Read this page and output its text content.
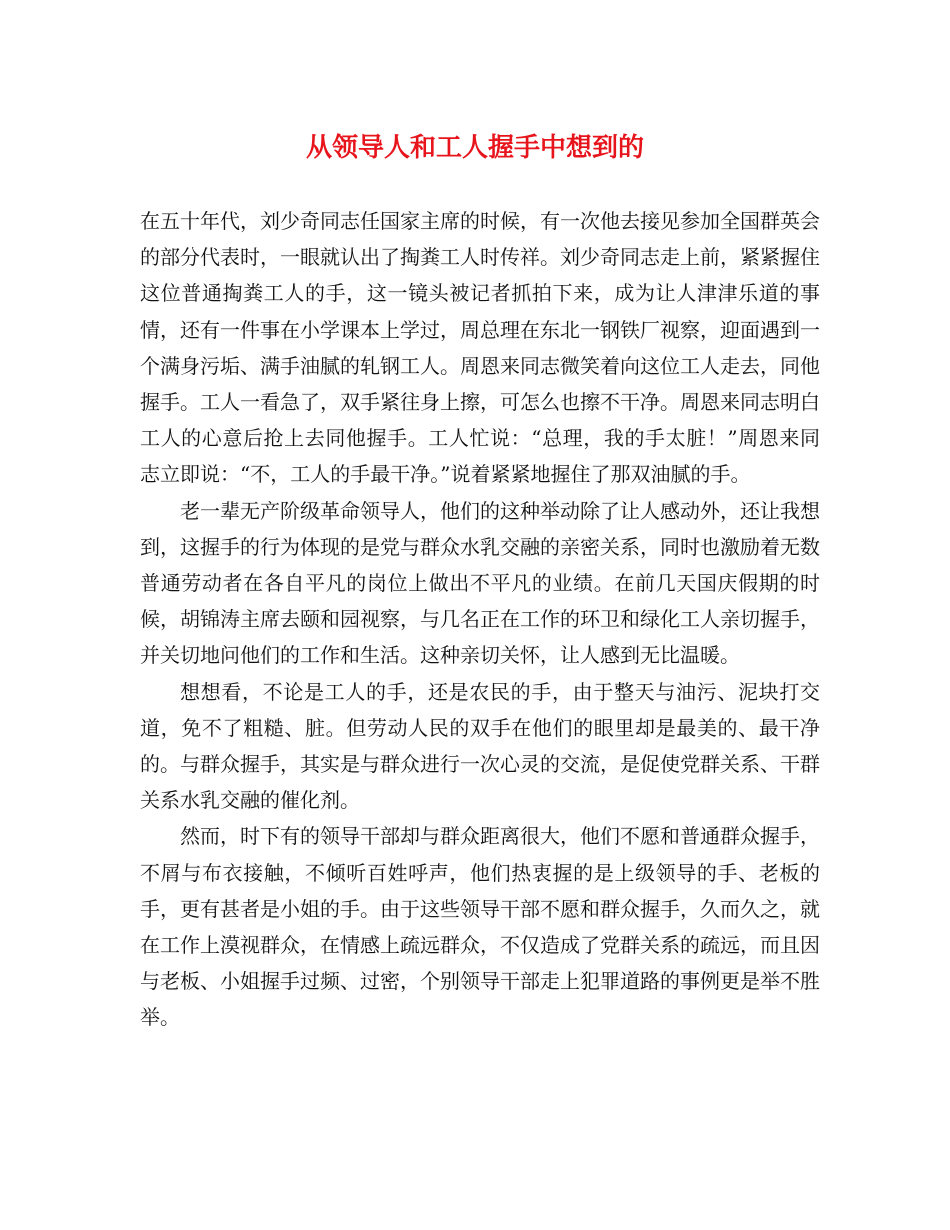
从领导人和工人握手中想到的

在五十年代，刘少奇同志任国家主席的时候，有一次他去接见参加全国群英会的部分代表时，一眼就认出了掏粪工人时传祥。刘少奇同志走上前，紧紧握住这位普通掏粪工人的手，这一镜头被记者抓拍下来，成为让人津津乐道的事情，还有一件事在小学课本上学过，周总理在东北一钢铁厂视察，迎面遇到一个满身污垢、满手油腻的轧钢工人。周恩来同志微笑着向这位工人走去，同他握手。工人一看急了，双手紧往身上擦，可怎么也擦不干净。周恩来同志明白工人的心意后抢上去同他握手。工人忙说：“总理，我的手太脏！”周恩来同志立即说：“不，工人的手最干净。”说着紧紧地握住了那双油腻的手。

老一辈无产阶级革命领导人，他们的这种举动除了让人感动外，还让我想到，这握手的行为体现的是党与群众水乳交融的亲密关系，同时也激励着无数普通劳动者在各自平凡的岗位上做出不平凡的业绩。在前几天国庆假期的时候，胡锦涛主席去颐和园视察，与几名正在工作的环卫和绿化工人亲切握手，并关切地问他们的工作和生活。这种亲切关怀，让人感到无比温暖。

想想看，不论是工人的手，还是农民的手，由于整天与油污、泥块打交道，免不了粗糙、脏。但劳动人民的双手在他们的眼里却是最美的、最干净的。与群众握手，其实是与群众进行一次心灵的交流，是促使党群关系、干群关系水乳交融的催化剂。

然而，时下有的领导干部却与群众距离很大，他们不愿和普通群众握手，不屑与布衣接触，不倾听百姓呼声，他们热衷握的是上级领导的手、老板的手，更有甚者是小姐的手。由于这些领导干部不愿和群众握手，久而久之，就在工作上漠视群众，在情感上疏远群众，不仅造成了党群关系的疏远，而且因与老板、小姐握手过频、过密，个别领导干部走上犯罪道路的事例更是举不胜举。
